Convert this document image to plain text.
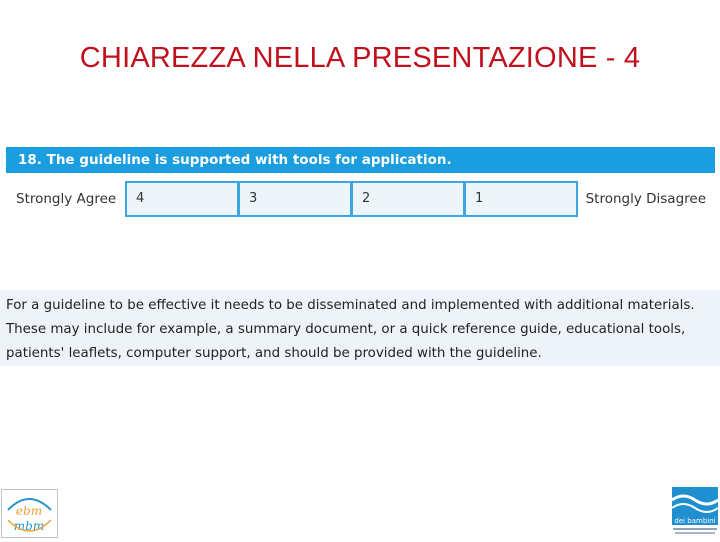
CHIAREZZA NELLA PRESENTAZIONE - 4
18. The guideline is supported with tools for application.
Strongly Agree	4	3	2	1	Strongly Disagree

For a guideline to be effective it needs to be disseminated and implemented with additional materials.

These may include for example, a summary document, or a quick reference guide, educational tools,

patients' leaflets, computer support, and should be provided with the guideline.

ebm
mbm	dei bambini
